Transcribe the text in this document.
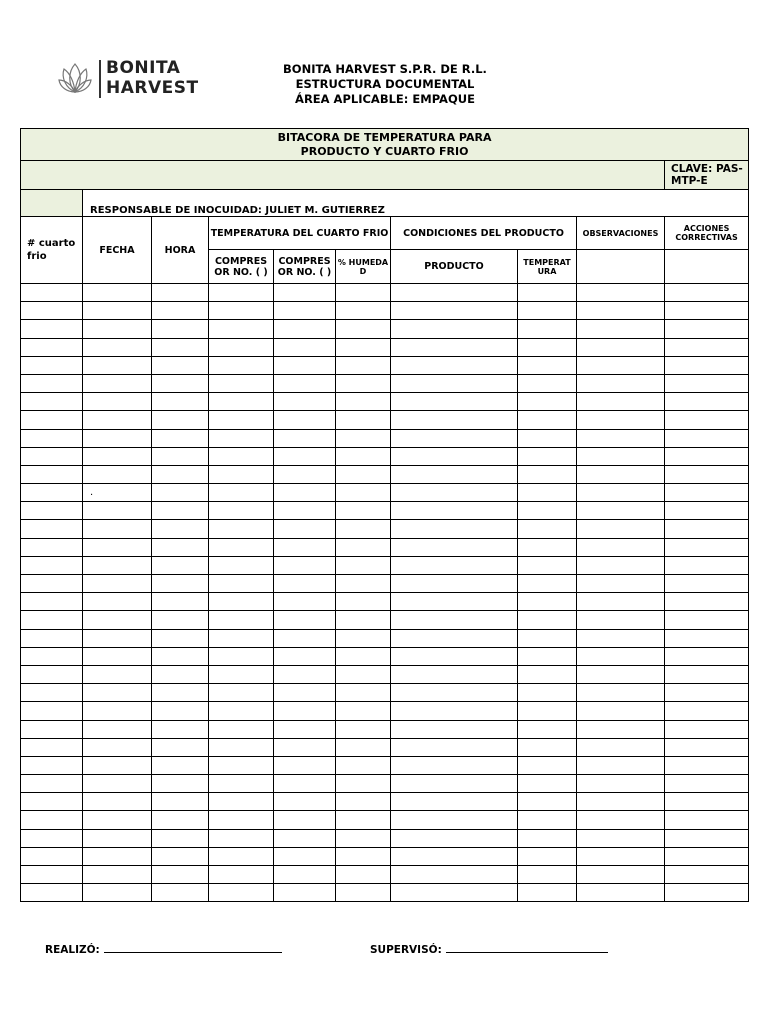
BONITA
HARVEST
BONITA HARVEST S.P.R. DE R.L.
ESTRUCTURA DOCUMENTAL
ÁREA APLICABLE: EMPAQUE
BITACORA DE TEMPERATURA PARA
PRODUCTO Y CUARTO FRIO									

									CLAVE: PAS-MTP-E
	RESPONSABLE DE INOCUIDAD: JULIET M. GUTIERREZ								
# cuarto frio	FECHA	HORA	TEMPERATURA DEL CUARTO FRIO			CONDICIONES DEL PRODUCTO		OBSERVACIONES	ACCIONES CORRECTIVAS
			COMPRES OR NO. ( )	COMPRES OR NO. ( )	% HUMEDA D	PRODUCTO	TEMPERAT URA		

	.								

REALIZÓ:	SUPERVISÓ:
